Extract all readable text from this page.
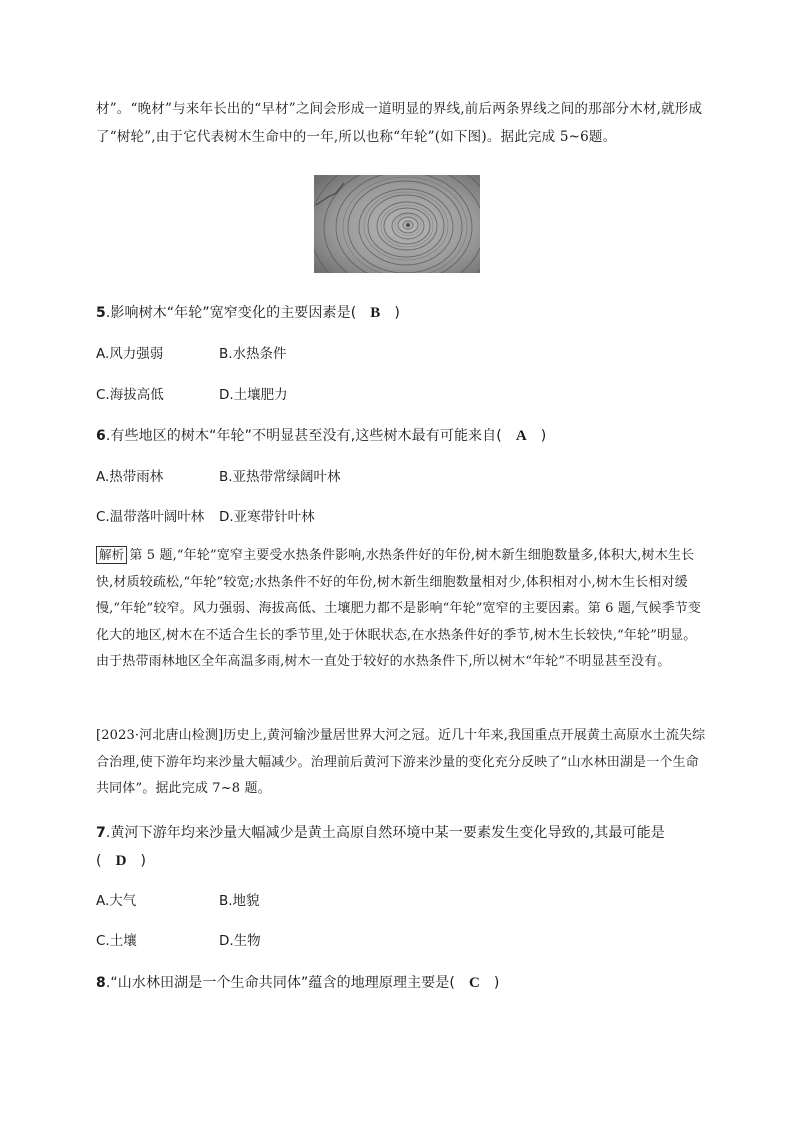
材”。“晚材”与来年长出的“早材”之间会形成一道明显的界线,前后两条界线之间的那部分木材,就形成了“树轮”,由于它代表树木生命中的一年,所以也称“年轮”(如下图)。据此完成 5~6题。
5.影响树木“年轮”宽窄变化的主要因素是( B )
A.风力强弱	B.水热条件
C.海拔高低	D.土壤肥力
6.有些地区的树木“年轮”不明显甚至没有,这些树木最有可能来自( A )
A.热带雨林	B.亚热带常绿阔叶林
C.温带落叶阔叶林 D.亚寒带针叶林
解析 第 5 题,“年轮”宽窄主要受水热条件影响,水热条件好的年份,树木新生细胞数量多,体积大,树木生长快,材质较疏松,“年轮”较宽;水热条件不好的年份,树木新生细胞数量相对少,体积相对小,树木生长相对缓慢,“年轮”较窄。风力强弱、海拔高低、土壤肥力都不是影响“年轮”宽窄的主要因素。第 6 题,气候季节变化大的地区,树木在不适合生长的季节里,处于休眠状态,在水热条件好的季节,树木生长较快,“年轮”明显。由于热带雨林地区全年高温多雨,树木一直处于较好的水热条件下,所以树木“年轮”不明显甚至没有。
[2023·河北唐山检测]历史上,黄河输沙量居世界大河之冠。近几十年来,我国重点开展黄土高原水土流失综合治理,使下游年均来沙量大幅减少。治理前后黄河下游来沙量的变化充分反映了“山水林田湖是一个生命共同体”。据此完成 7~8 题。
7.黄河下游年均来沙量大幅减少是黄土高原自然环境中某一要素发生变化导致的,其最可能是
( D )
A.大气	B.地貌
C.土壤	D.生物
8.“山水林田湖是一个生命共同体”蕴含的地理原理主要是( C )
